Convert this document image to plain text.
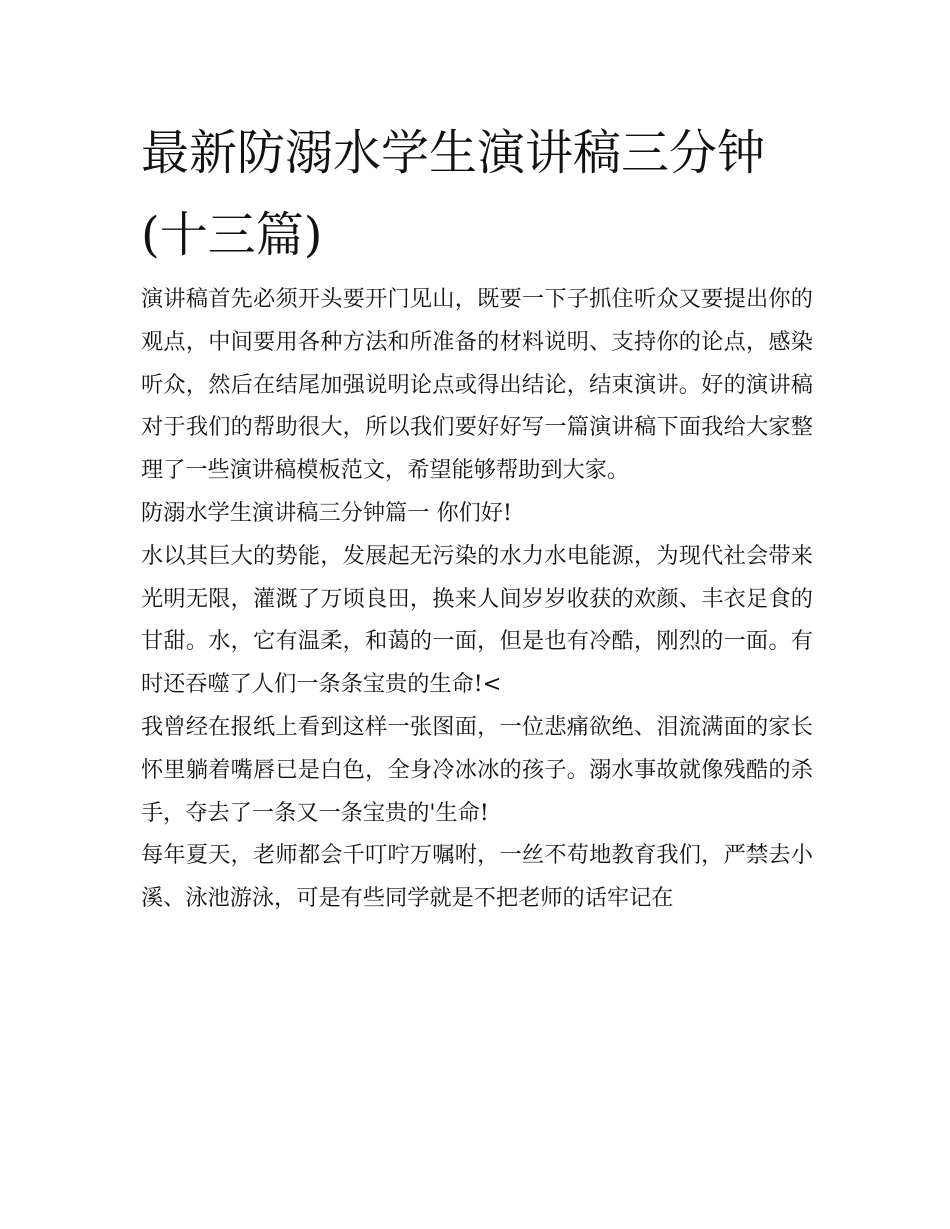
最新防溺水学生演讲稿三分钟(十三篇)

演讲稿首先必须开头要开门见山，既要一下子抓住听众又要提出你的观点，中间要用各种方法和所准备的材料说明、支持你的论点，感染听众，然后在结尾加强说明论点或得出结论，结束演讲。好的演讲稿对于我们的帮助很大，所以我们要好好写一篇演讲稿下面我给大家整理了一些演讲稿模板范文，希望能够帮助到大家。

防溺水学生演讲稿三分钟篇一 你们好!

水以其巨大的势能，发展起无污染的水力水电能源，为现代社会带来光明无限，灌溉了万顷良田，换来人间岁岁收获的欢颜、丰衣足食的甘甜。水，它有温柔，和蔼的一面，但是也有冷酷，刚烈的一面。有时还吞噬了人们一条条宝贵的生命!<

我曾经在报纸上看到这样一张图面，一位悲痛欲绝、泪流满面的家长怀里躺着嘴唇已是白色，全身冷冰冰的孩子。溺水事故就像残酷的杀手，夺去了一条又一条宝贵的'生命!

每年夏天，老师都会千叮咛万嘱咐，一丝不苟地教育我们，严禁去小溪、泳池游泳，可是有些同学就是不把老师的话牢记在
